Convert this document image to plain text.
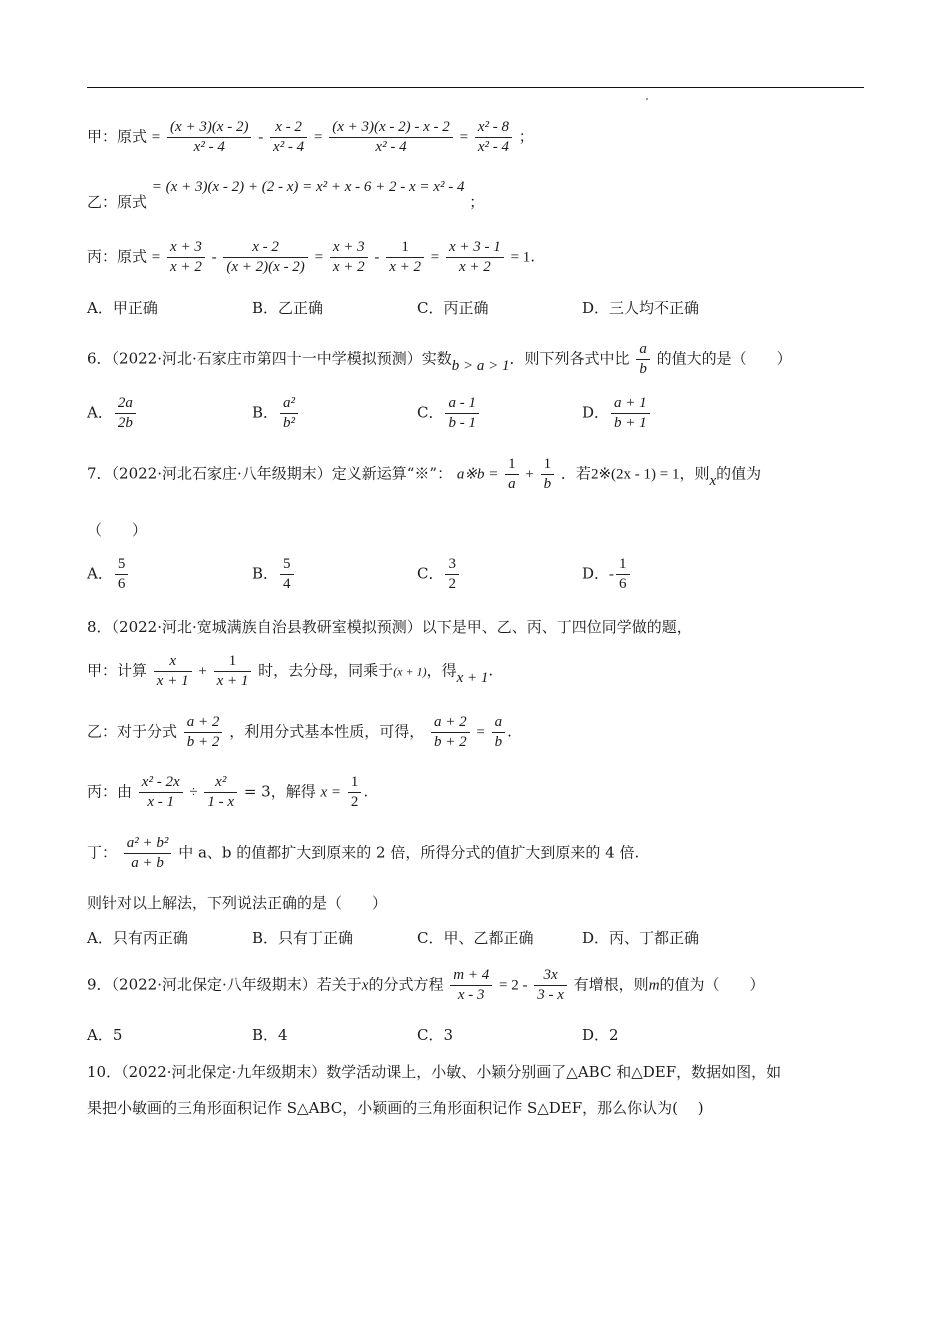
甲：原式 = $\frac{(x + 3)(x - 2)}{\text{x² - 4}} - \frac{x - 2}{\text{x² - 4}} = \frac{(x + 3)(x - 2) - x - 2}{\text{x² - 4}} = \frac{\text{x² - 8}}{\text{x² - 4}}$ ；
乙：原式 = (x + 3)(x - 2) + (2 - x) = x² + x - 6 + 2 - x = x² - 4 ；
丙：原式 = $\frac{x + 3}{x + 2} - \frac{x - 2}{(x + 2)(x - 2)} = \frac{x + 3}{x + 2} - \frac{1}{x + 2} = \frac{x + 3 - 1}{x + 2} = 1$.
A．甲正确	B．乙正确	C．丙正确	D．三人均不正确
6．（2022·河北·石家庄市第四十一中学模拟预测）实数b > a > 1．则下列各式中比 $\frac{a}{b}$ 的值大的是（　　）
A． $\frac{2a}{2b}$	B． $\frac{\text{a²}}{\text{b²}}$	C． $\frac{a - 1}{b - 1}$	D． $\frac{a + 1}{b + 1}$
7．（2022·河北石家庄·八年级期末）定义新运算“※”： a※b = $\frac{1}{a} + \frac{1}{b}$ ．若2※(2x - 1) = 1，则x的值为
（　　）
A． $\frac{5}{6}$	B． $\frac{5}{4}$	C． $\frac{3}{2}$	D．- $\frac{1}{6}$
8．（2022·河北·宽城满族自治县教研室模拟预测）以下是甲、乙、丙、丁四位同学做的题，
甲：计算 $\frac{x}{x + 1} + \frac{1}{x + 1}$ 时，去分母，同乘于(x + 1)，得x + 1.
乙：对于分式 $\frac{a + 2}{b + 2}$ ，利用分式基本性质，可得， $\frac{a + 2}{b + 2} = \frac{a}{b}$ .
丙：由 $\frac{\text{x² - 2x}}{x - 1} \div \frac{\text{x²}}{1 - x} = 3$，解得 $x = \frac{1}{2}$ .
丁： $\frac{\text{a² + b²}}{a + b}$ 中 a、b 的值都扩大到原来的 2 倍，所得分式的值扩大到原来的 4 倍.
则针对以上解法，下列说法正确的是（　　）
A．只有丙正确	B．只有丁正确	C．甲、乙都正确	D．丙、丁都正确
9．（2022·河北保定·八年级期末）若关于x的分式方程 $\frac{m + 4}{x - 3} = 2 - \frac{3x}{3 - x}$ 有增根，则m的值为（　　）
A．5	B．4	C．3	D．2
10．（2022·河北保定·九年级期末）数学活动课上，小敏、小颖分别画了△ABC 和△DEF，数据如图，如
果把小敏画的三角形面积记作 S△ABC，小颖画的三角形面积记作 S△DEF，那么你认为(　 )
